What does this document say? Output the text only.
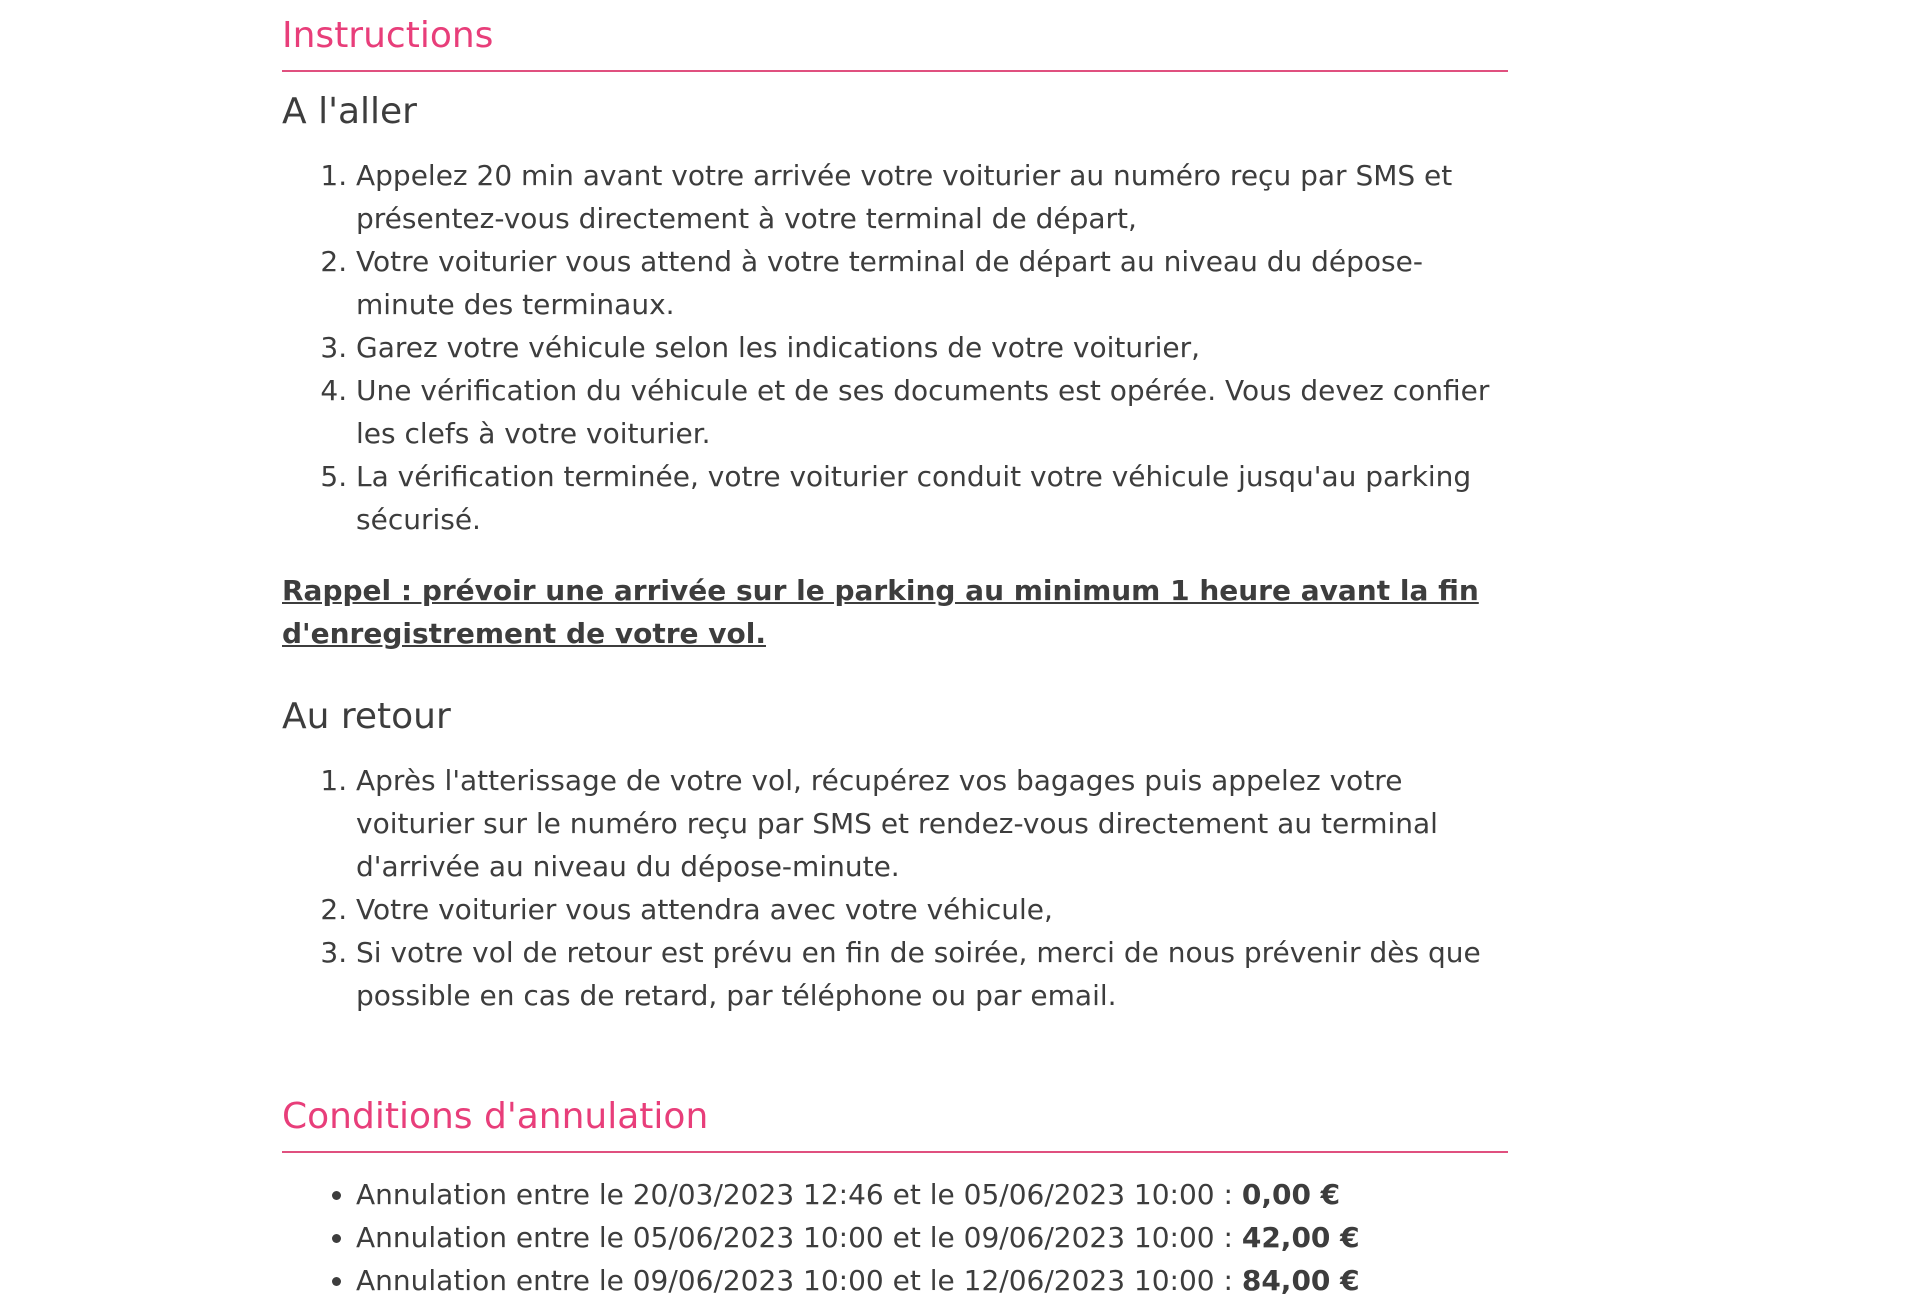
Instructions
A l'aller
1. Appelez 20 min avant votre arrivée votre voiturier au numéro reçu par SMS et présentez-vous directement à votre terminal de départ,
2. Votre voiturier vous attend à votre terminal de départ au niveau du dépose-minute des terminaux.
3. Garez votre véhicule selon les indications de votre voiturier,
4. Une vérification du véhicule et de ses documents est opérée. Vous devez confier les clefs à votre voiturier.
5. La vérification terminée, votre voiturier conduit votre véhicule jusqu'au parking sécurisé.

Rappel : prévoir une arrivée sur le parking au minimum 1 heure avant la fin d'enregistrement de votre vol.

Au retour
1. Après l'atterissage de votre vol, récupérez vos bagages puis appelez votre voiturier sur le numéro reçu par SMS et rendez-vous directement au terminal d'arrivée au niveau du dépose-minute.
2. Votre voiturier vous attendra avec votre véhicule,
3. Si votre vol de retour est prévu en fin de soirée, merci de nous prévenir dès que possible en cas de retard, par téléphone ou par email.
Conditions d'annulation
• Annulation entre le 20/03/2023 12:46 et le 05/06/2023 10:00 : 0,00 €
• Annulation entre le 05/06/2023 10:00 et le 09/06/2023 10:00 : 42,00 €
• Annulation entre le 09/06/2023 10:00 et le 12/06/2023 10:00 : 84,00 €
